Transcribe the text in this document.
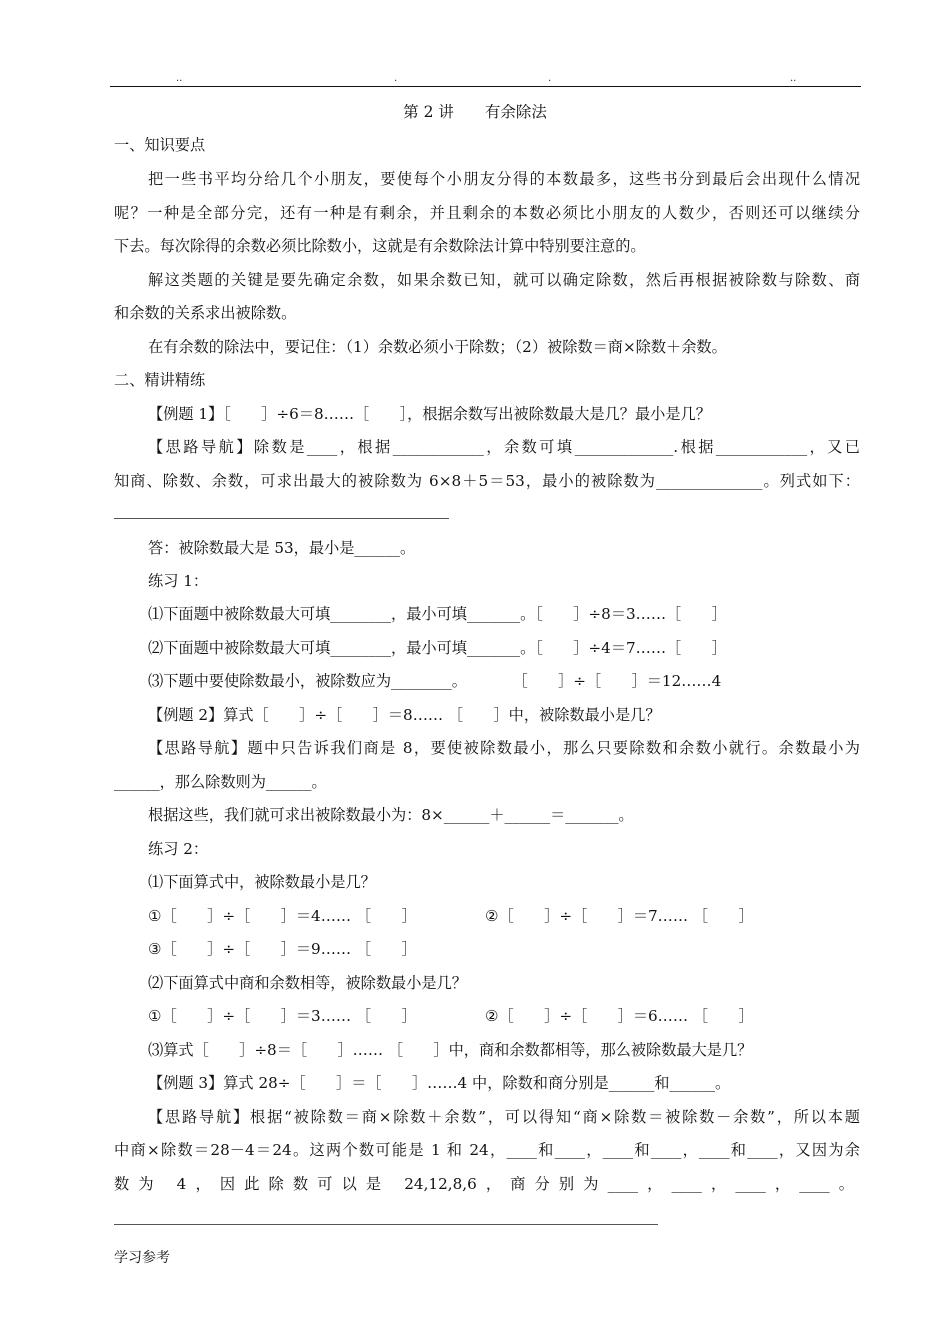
..	.	.	..
第 2 讲　　有余除法
一、知识要点
把一些书平均分给几个小朋友，要使每个小朋友分得的本数最多，这些书分到最后会出现什么情况
呢？一种是全部分完，还有一种是有剩余，并且剩余的本数必须比小朋友的人数少，否则还可以继续分
下去。每次除得的余数必须比除数小，这就是有余数除法计算中特别要注意的。
解这类题的关键是要先确定余数，如果余数已知，就可以确定除数，然后再根据被除数与除数、商
和余数的关系求出被除数。
在有余数的除法中，要记住：（1）余数必须小于除数；（2）被除数＝商×除数＋余数。
二、精讲精练
【例题 1】［　　］÷6＝8……［　　］，根据余数写出被除数最大是几？最小是几？
【思路导航】除数是____，根据____________，余数可填_____________.根据____________，又已
知商、除数、余数，可求出最大的被除数为 6×8＋5＝53，最小的被除数为______________。列式如下：
答：被除数最大是 53，最小是______。
练习 1：
⑴下面题中被除数最大可填________，最小可填_______。［　　］÷8＝3……［　　］
⑵下面题中被除数最大可填________，最小可填_______。［　　］÷4＝7……［　　］
⑶下题中要使除数最小，被除数应为________。　　　　［　　］÷［　　］＝12……4
【例题 2】算式［　　］÷［　　］＝8…… ［　　］中，被除数最小是几？
【思路导航】题中只告诉我们商是 8，要使被除数最小，那么只要除数和余数小就行。余数最小为
______，那么除数则为______。
根据这些，我们就可求出被除数最小为：8×______＋______＝_______。
练习 2：
⑴下面算式中，被除数最小是几？
①［　　］÷［　　］＝4…… ［　　］　　　　　②［　　］÷［　　］＝7…… ［　　］
③［　　］÷［　　］＝9…… ［　　］
⑵下面算式中商和余数相等，被除数最小是几？
①［　　］÷［　　］＝3…… ［　　］　　　　　②［　　］÷［　　］＝6…… ［　　］
⑶算式［　　］÷8＝［　　］…… ［　　］中，商和余数都相等，那么被除数最大是几？
【例题 3】算式 28÷［　　］＝［　　］……4 中，除数和商分别是______和______。
【思路导航】根据“被除数＝商×除数＋余数”，可以得知“商×除数＝被除数－余数”，所以本题
中商×除数＝28－4＝24。这两个数可能是 1 和 24，____和____，____和____，____和____，又因为余
数为 4，因此除数可以是 24,12,8,6，商分别为____，____，____，____。
学习参考
